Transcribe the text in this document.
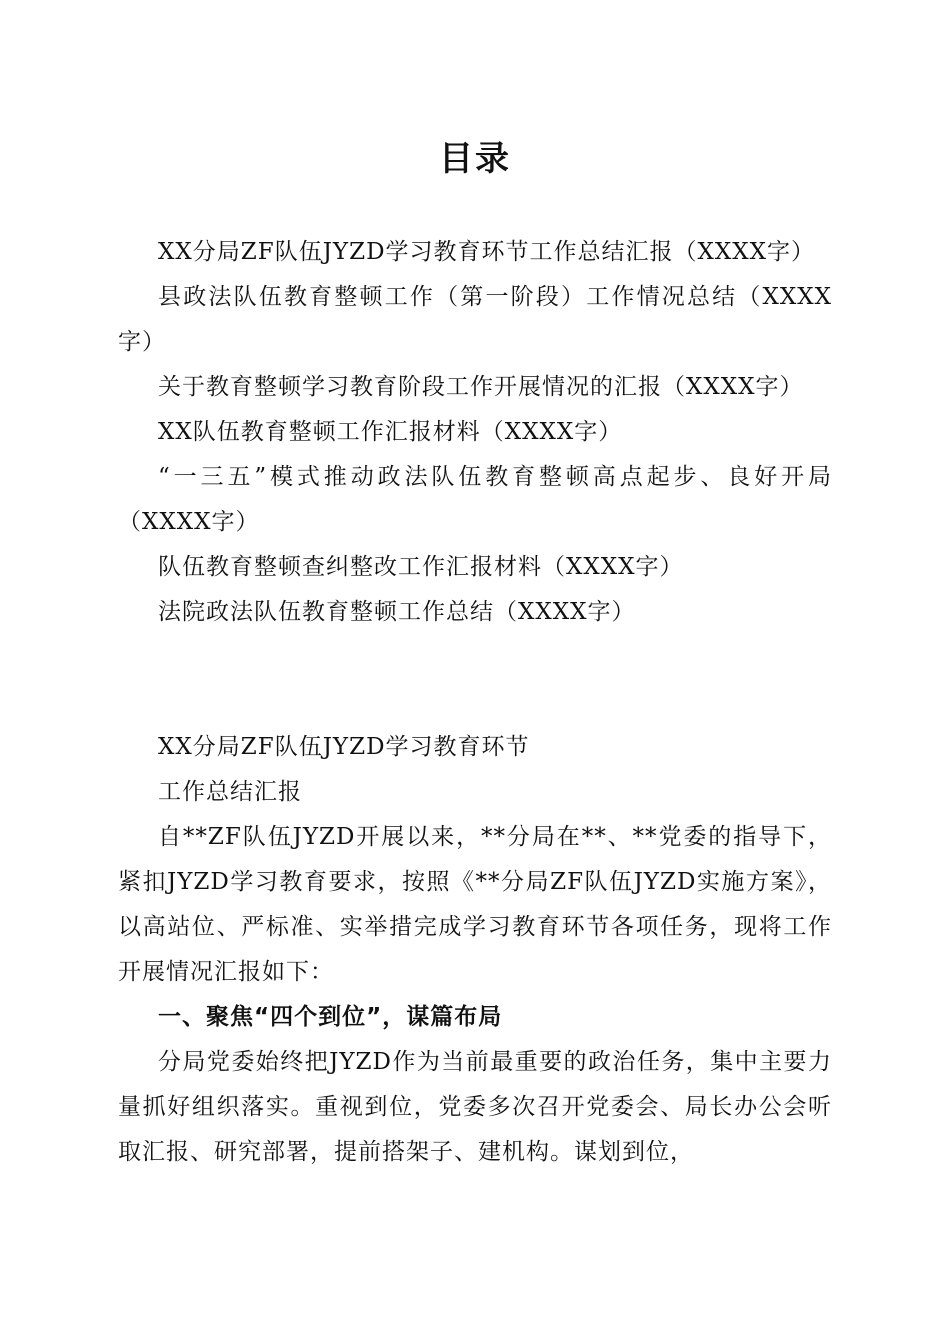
目录

XX分局ZF队伍JYZD学习教育环节工作总结汇报（XXXX字）

县政法队伍教育整顿工作（第一阶段）工作情况总结（XXXX字）

关于教育整顿学习教育阶段工作开展情况的汇报（XXXX字）

XX队伍教育整顿工作汇报材料（XXXX字）

“一三五”模式推动政法队伍教育整顿高点起步、良好开局（XXXX字）

队伍教育整顿查纠整改工作汇报材料（XXXX字）

法院政法队伍教育整顿工作总结（XXXX字）

XX分局ZF队伍JYZD学习教育环节

工作总结汇报

自**ZF队伍JYZD开展以来，**分局在**、**党委的指导下，紧扣JYZD学习教育要求，按照《**分局ZF队伍JYZD实施方案》，以高站位、严标准、实举措完成学习教育环节各项任务，现将工作开展情况汇报如下：

一、聚焦“四个到位”，谋篇布局

分局党委始终把JYZD作为当前最重要的政治任务，集中主要力量抓好组织落实。重视到位，党委多次召开党委会、局长办公会听取汇报、研究部署，提前搭架子、建机构。谋划到位，
